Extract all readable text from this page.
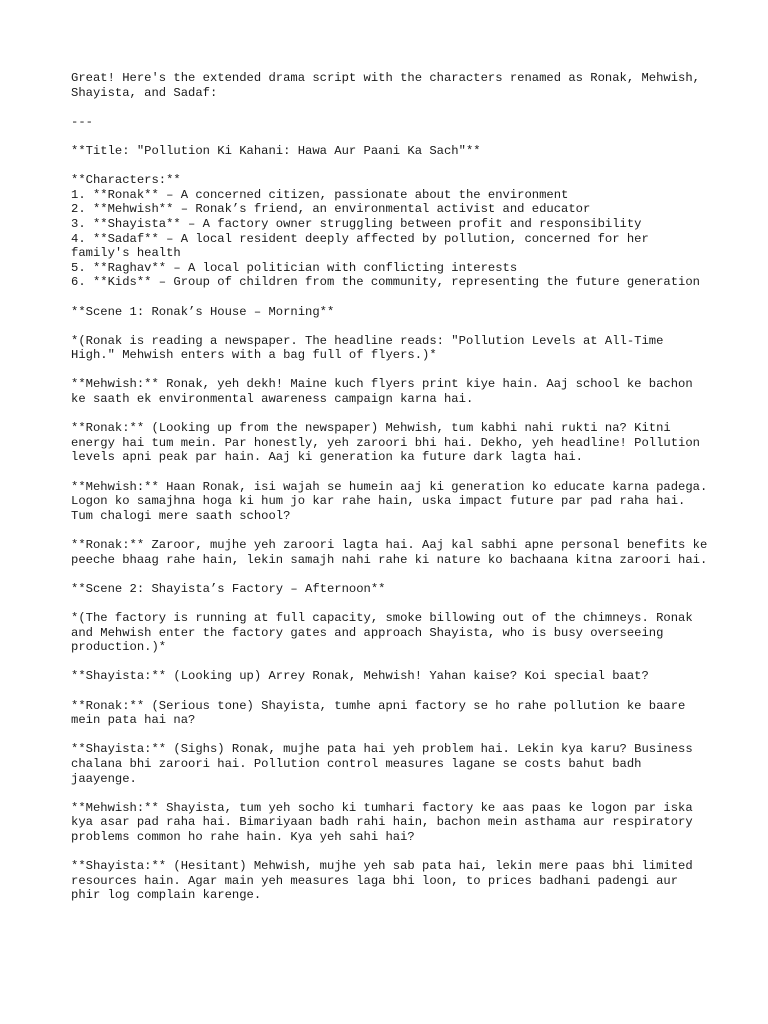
Great! Here's the extended drama script with the characters renamed as Ronak, Mehwish, Shayista, and Sadaf:

---

**Title: "Pollution Ki Kahani: Hawa Aur Paani Ka Sach"**

**Characters:**
1. **Ronak** – A concerned citizen, passionate about the environment
2. **Mehwish** – Ronak’s friend, an environmental activist and educator
3. **Shayista** – A factory owner struggling between profit and responsibility
4. **Sadaf** – A local resident deeply affected by pollution, concerned for her family's health
5. **Raghav** – A local politician with conflicting interests
6. **Kids** – Group of children from the community, representing the future generation

**Scene 1: Ronak’s House – Morning**

*(Ronak is reading a newspaper. The headline reads: "Pollution Levels at All-Time High." Mehwish enters with a bag full of flyers.)*

**Mehwish:** Ronak, yeh dekh! Maine kuch flyers print kiye hain. Aaj school ke bachon ke saath ek environmental awareness campaign karna hai.

**Ronak:** (Looking up from the newspaper) Mehwish, tum kabhi nahi rukti na? Kitni energy hai tum mein. Par honestly, yeh zaroori bhi hai. Dekho, yeh headline! Pollution levels apni peak par hain. Aaj ki generation ka future dark lagta hai.

**Mehwish:** Haan Ronak, isi wajah se humein aaj ki generation ko educate karna padega. Logon ko samajhna hoga ki hum jo kar rahe hain, uska impact future par pad raha hai. Tum chalogi mere saath school?

**Ronak:** Zaroor, mujhe yeh zaroori lagta hai. Aaj kal sabhi apne personal benefits ke peeche bhaag rahe hain, lekin samajh nahi rahe ki nature ko bachaana kitna zaroori hai.

**Scene 2: Shayista’s Factory – Afternoon**

*(The factory is running at full capacity, smoke billowing out of the chimneys. Ronak and Mehwish enter the factory gates and approach Shayista, who is busy overseeing production.)*

**Shayista:** (Looking up) Arrey Ronak, Mehwish! Yahan kaise? Koi special baat?

**Ronak:** (Serious tone) Shayista, tumhe apni factory se ho rahe pollution ke baare mein pata hai na?

**Shayista:** (Sighs) Ronak, mujhe pata hai yeh problem hai. Lekin kya karu? Business chalana bhi zaroori hai. Pollution control measures lagane se costs bahut badh jaayenge.

**Mehwish:** Shayista, tum yeh socho ki tumhari factory ke aas paas ke logon par iska kya asar pad raha hai. Bimariyaan badh rahi hain, bachon mein asthama aur respiratory problems common ho rahe hain. Kya yeh sahi hai?

**Shayista:** (Hesitant) Mehwish, mujhe yeh sab pata hai, lekin mere paas bhi limited resources hain. Agar main yeh measures laga bhi loon, to prices badhani padengi aur phir log complain karenge.
